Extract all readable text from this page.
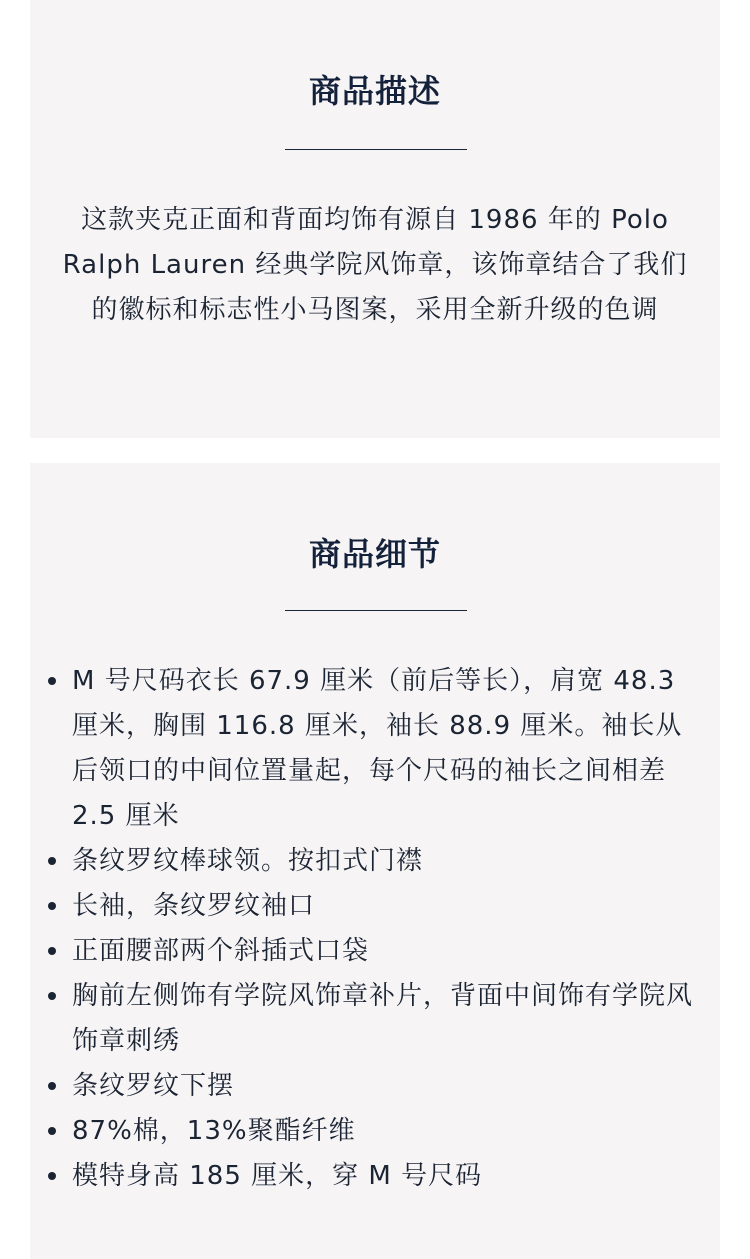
商品描述

这款夹克正面和背面均饰有源自 1986 年的 Polo Ralph Lauren 经典学院风饰章，该饰章结合了我们的徽标和标志性小马图案，采用全新升级的色调

商品细节
M 号尺码衣长 67.9 厘米（前后等长），肩宽 48.3 厘米，胸围 116.8 厘米，袖长 88.9 厘米。袖长从后领口的中间位置量起，每个尺码的袖长之间相差 2.5 厘米
条纹罗纹棒球领。按扣式门襟
长袖，条纹罗纹袖口
正面腰部两个斜插式口袋
胸前左侧饰有学院风饰章补片，背面中间饰有学院风饰章刺绣
条纹罗纹下摆
87%棉，13%聚酯纤维
模特身高 185 厘米，穿 M 号尺码
